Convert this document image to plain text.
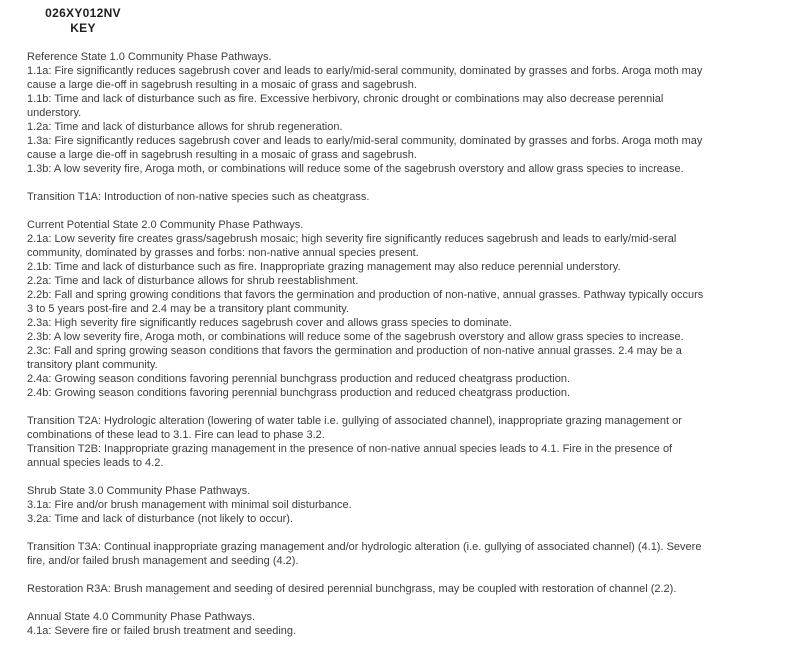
026XY012NV
KEY
Reference State 1.0 Community Phase Pathways.
1.1a: Fire significantly reduces sagebrush cover and leads to early/mid-seral community, dominated by grasses and forbs. Aroga moth may
cause a large die-off in sagebrush resulting in a mosaic of grass and sagebrush.
1.1b: Time and lack of disturbance such as fire. Excessive herbivory, chronic drought or combinations may also decrease perennial
understory.
1.2a: Time and lack of disturbance allows for shrub regeneration.
1.3a: Fire significantly reduces sagebrush cover and leads to early/mid-seral community, dominated by grasses and forbs. Aroga moth may
cause a large die-off in sagebrush resulting in a mosaic of grass and sagebrush.
1.3b: A low severity fire, Aroga moth, or combinations will reduce some of the sagebrush overstory and allow grass species to increase.
Transition T1A: Introduction of non-native species such as cheatgrass.
Current Potential State 2.0 Community Phase Pathways.
2.1a: Low severity fire creates grass/sagebrush mosaic; high severity fire significantly reduces sagebrush and leads to early/mid-seral
community, dominated by grasses and forbs: non-native annual species present.
2.1b: Time and lack of disturbance such as fire. Inappropriate grazing management may also reduce perennial understory.
2.2a: Time and lack of disturbance allows for shrub reestablishment.
2.2b: Fall and spring growing conditions that favors the germination and production of non-native, annual grasses. Pathway typically occurs
3 to 5 years post-fire and 2.4 may be a transitory plant community.
2.3a: High severity fire significantly reduces sagebrush cover and allows grass species to dominate.
2.3b: A low severity fire, Aroga moth, or combinations will reduce some of the sagebrush overstory and allow grass species to increase.
2.3c: Fall and spring growing season conditions that favors the germination and production of non-native annual grasses. 2.4 may be a
transitory plant community.
2.4a: Growing season conditions favoring perennial bunchgrass production and reduced cheatgrass production.
2.4b: Growing season conditions favoring perennial bunchgrass production and reduced cheatgrass production.
Transition T2A: Hydrologic alteration (lowering of water table i.e. gullying of associated channel), inappropriate grazing management or
combinations of these lead to 3.1. Fire can lead to phase 3.2.
Transition T2B: Inappropriate grazing management in the presence of non-native annual species leads to 4.1. Fire in the presence of
annual species leads to 4.2.
Shrub State 3.0 Community Phase Pathways.
3.1a: Fire and/or brush management with minimal soil disturbance.
3.2a: Time and lack of disturbance (not likely to occur).
Transition T3A: Continual inappropriate grazing management and/or hydrologic alteration (i.e. gullying of associated channel) (4.1). Severe
fire, and/or failed brush management and seeding (4.2).
Restoration R3A: Brush management and seeding of desired perennial bunchgrass, may be coupled with restoration of channel (2.2).
Annual State 4.0 Community Phase Pathways.
4.1a: Severe fire or failed brush treatment and seeding.
